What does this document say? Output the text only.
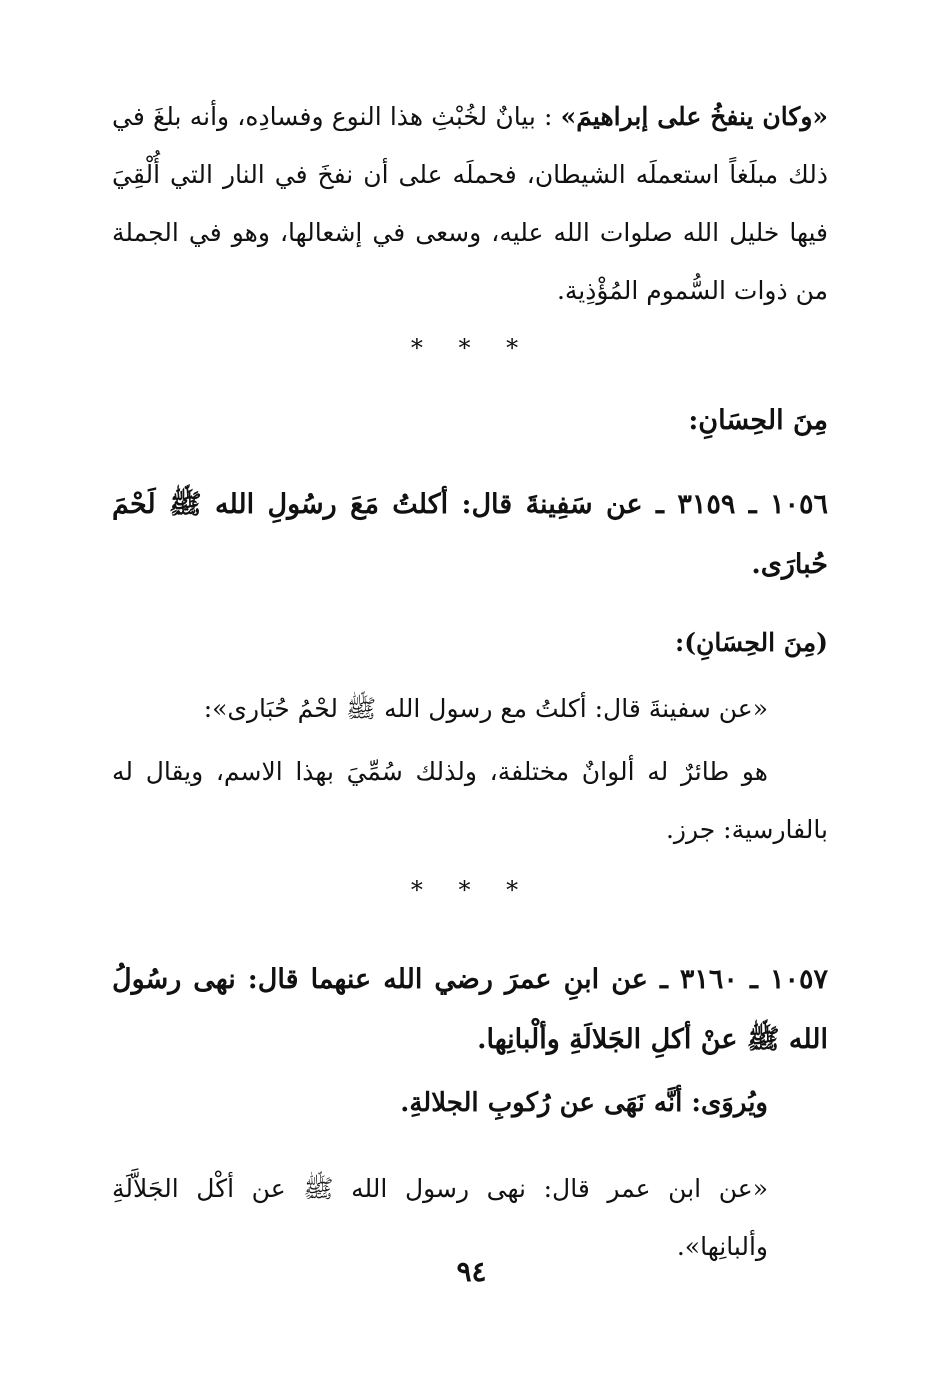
«وكان ينفخُ على إبراهيمَ» : بيانٌ لخُبْثِ هذا النوع وفسادِه، وأنه بلغَ في ذلك مبلَغاً استعملَه الشيطان، فحملَه على أن نفخَ في النار التي أُلْقِيَ فيها خليل الله صلوات الله عليه، وسعى في إشعالها، وهو في الجملة من ذوات السُّموم المُؤْذِية.

* * *

مِنَ الحِسَانِ:

١٠٥٦ ـ ٣١٥٩ ـ عن سَفِينةَ قال: أكلتُ مَعَ رسُولِ الله ﷺ لَحْمَ حُبارَى.

(مِنَ الحِسَانِ):

«عن سفينةَ قال: أكلتُ مع رسول الله ﷺ لحْمُ حُبَارى»:

هو طائرٌ له ألوانٌ مختلفة، ولذلك سُمِّيَ بهذا الاسم، ويقال له بالفارسية: جرز.

* * *

١٠٥٧ ـ ٣١٦٠ ـ عن ابنِ عمرَ رضي الله عنهما قال: نهى رسُولُ الله ﷺ عنْ أكلِ الجَلالَةِ وألْبانِها.

ويُروَى: أنَّه نَهَى عن رُكوبِ الجلالةِ.

«عن ابن عمر قال: نهى رسول الله ﷺ عن أكْل الجَلاَّلَةِ وألبانِها».

٩٤
